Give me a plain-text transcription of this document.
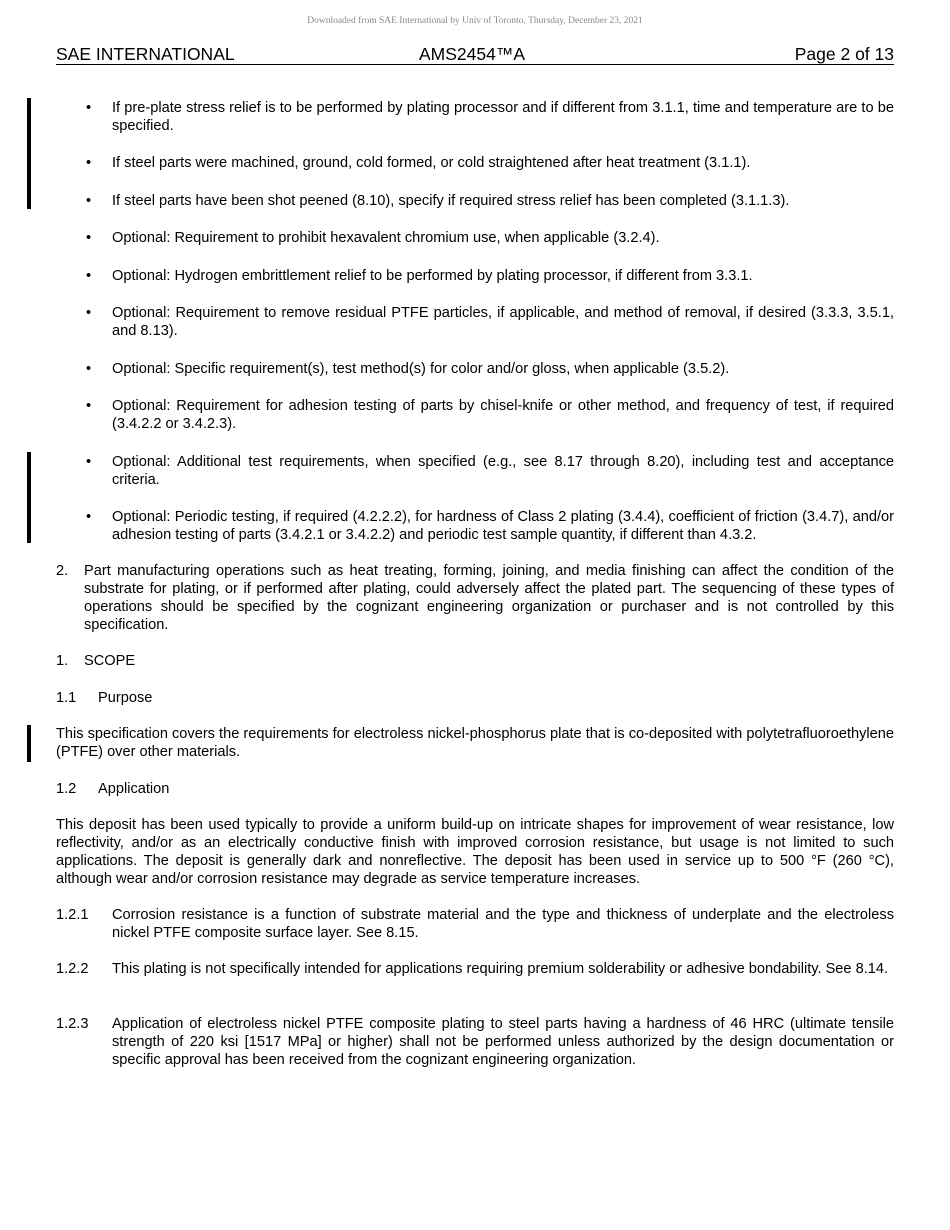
Downloaded from SAE International by Univ of Toronto, Thursday, December 23, 2021
SAE INTERNATIONAL	AMS2454™A	Page 2 of 13
• If pre-plate stress relief is to be performed by plating processor and if different from 3.1.1, time and temperature are to be specified.

• If steel parts were machined, ground, cold formed, or cold straightened after heat treatment (3.1.1).

• If steel parts have been shot peened (8.10), specify if required stress relief has been completed (3.1.1.3).

• Optional: Requirement to prohibit hexavalent chromium use, when applicable (3.2.4).

• Optional: Hydrogen embrittlement relief to be performed by plating processor, if different from 3.3.1.

• Optional: Requirement to remove residual PTFE particles, if applicable, and method of removal, if desired (3.3.3, 3.5.1, and 8.13).

• Optional: Specific requirement(s), test method(s) for color and/or gloss, when applicable (3.5.2).

• Optional: Requirement for adhesion testing of parts by chisel-knife or other method, and frequency of test, if required (3.4.2.2 or 3.4.2.3).

• Optional: Additional test requirements, when specified (e.g., see 8.17 through 8.20), including test and acceptance criteria.

• Optional: Periodic testing, if required (4.2.2.2), for hardness of Class 2 plating (3.4.4), coefficient of friction (3.4.7), and/or adhesion testing of parts (3.4.2.1 or 3.4.2.2) and periodic test sample quantity, if different than 4.3.2.

2. Part manufacturing operations such as heat treating, forming, joining, and media finishing can affect the condition of the substrate for plating, or if performed after plating, could adversely affect the plated part. The sequencing of these types of operations should be specified by the cognizant engineering organization or purchaser and is not controlled by this specification.

1. SCOPE
1.1 Purpose

This specification covers the requirements for electroless nickel-phosphorus plate that is co-deposited with polytetrafluoroethylene (PTFE) over other materials.

1.2 Application

This deposit has been used typically to provide a uniform build-up on intricate shapes for improvement of wear resistance, low reflectivity, and/or as an electrically conductive finish with improved corrosion resistance, but usage is not limited to such applications. The deposit is generally dark and nonreflective. The deposit has been used in service up to 500 °F (260 °C), although wear and/or corrosion resistance may degrade as service temperature increases.

1.2.1 Corrosion resistance is a function of substrate material and the type and thickness of underplate and the electroless nickel PTFE composite surface layer. See 8.15.

1.2.2 This plating is not specifically intended for applications requiring premium solderability or adhesive bondability. See 8.14.

1.2.3 Application of electroless nickel PTFE composite plating to steel parts having a hardness of 46 HRC (ultimate tensile strength of 220 ksi [1517 MPa] or higher) shall not be performed unless authorized by the design documentation or specific approval has been received from the cognizant engineering organization.
